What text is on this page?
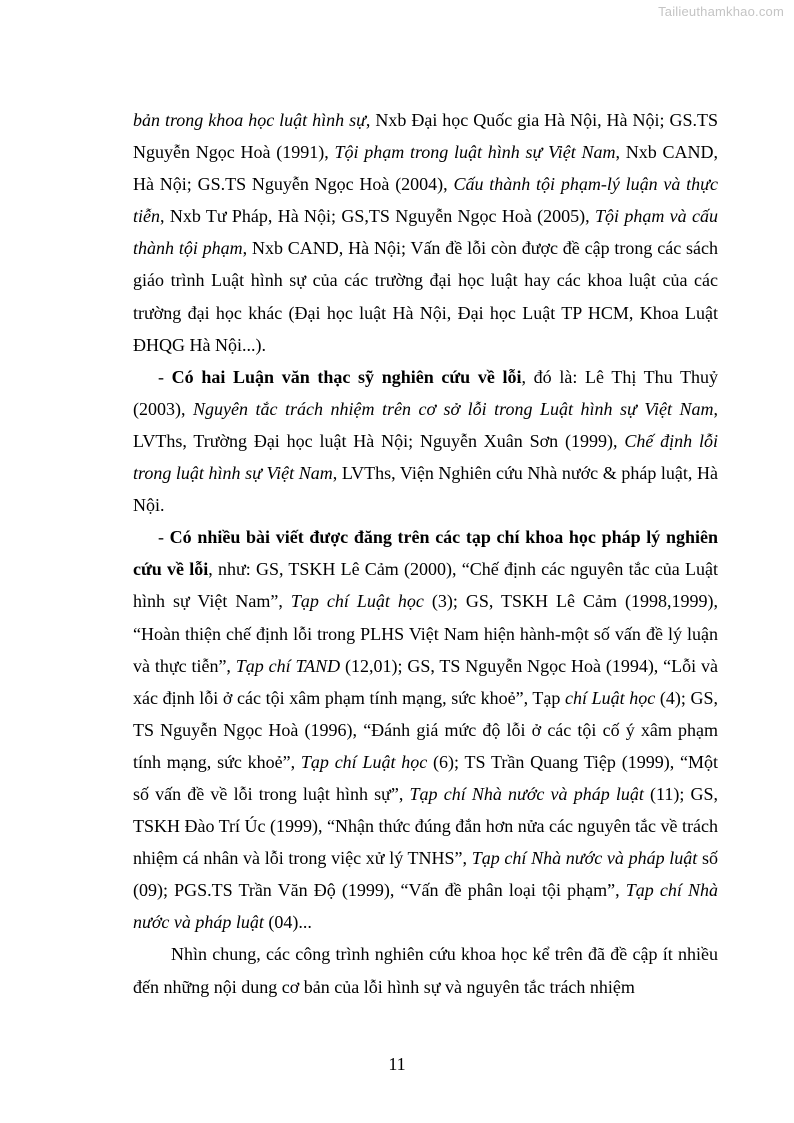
Tailieuthamkhao.com

bản trong khoa học luật hình sự, Nxb Đại học Quốc gia Hà Nội, Hà Nội; GS.TS Nguyễn Ngọc Hoà (1991), Tội phạm trong luật hình sự Việt Nam, Nxb CAND, Hà Nội; GS.TS Nguyễn Ngọc Hoà (2004), Cấu thành tội phạm-lý luận và thực tiễn, Nxb Tư Pháp, Hà Nội; GS,TS Nguyễn Ngọc Hoà (2005), Tội phạm và cấu thành tội phạm, Nxb CAND, Hà Nội; Vấn đề lỗi còn được đề cập trong các sách giáo trình Luật hình sự của các trường đại học luật hay các khoa luật của các trường đại học khác (Đại học luật Hà Nội, Đại học Luật TP HCM, Khoa Luật ĐHQG Hà Nội...).

- Có hai Luận văn thạc sỹ nghiên cứu về lỗi, đó là: Lê Thị Thu Thuỷ (2003), Nguyên tắc trách nhiệm trên cơ sở lỗi trong Luật hình sự Việt Nam, LVThs, Trường Đại học luật Hà Nội; Nguyễn Xuân Sơn (1999), Chế định lỗi trong luật hình sự Việt Nam, LVThs, Viện Nghiên cứu Nhà nước & pháp luật, Hà Nội.

- Có nhiều bài viết được đăng trên các tạp chí khoa học pháp lý nghiên cứu về lỗi, như: GS, TSKH Lê Cảm (2000), “Chế định các nguyên tắc của Luật hình sự Việt Nam”, Tạp chí Luật học (3); GS, TSKH Lê Cảm (1998,1999), “Hoàn thiện chế định lỗi trong PLHS Việt Nam hiện hành-một số vấn đề lý luận và thực tiễn”, Tạp chí TAND (12,01); GS, TS Nguyễn Ngọc Hoà (1994), “Lỗi và xác định lỗi ở các tội xâm phạm tính mạng, sức khoẻ”, Tạp chí Luật học (4); GS, TS Nguyễn Ngọc Hoà (1996), “Đánh giá mức độ lỗi ở các tội cố ý xâm phạm tính mạng, sức khoẻ”, Tạp chí Luật học (6); TS Trần Quang Tiệp (1999), “Một số vấn đề về lỗi trong luật hình sự”, Tạp chí Nhà nước và pháp luật (11); GS, TSKH Đào Trí Úc (1999), “Nhận thức đúng đắn hơn nửa các nguyên tắc về trách nhiệm cá nhân và lỗi trong việc xử lý TNHS”, Tạp chí Nhà nước và pháp luật số (09); PGS.TS Trần Văn Độ (1999), “Vấn đề phân loại tội phạm”, Tạp chí Nhà nước và pháp luật (04)...

Nhìn chung, các công trình nghiên cứu khoa học kể trên đã đề cập ít nhiều đến những nội dung cơ bản của lỗi hình sự và nguyên tắc trách nhiệm

11
